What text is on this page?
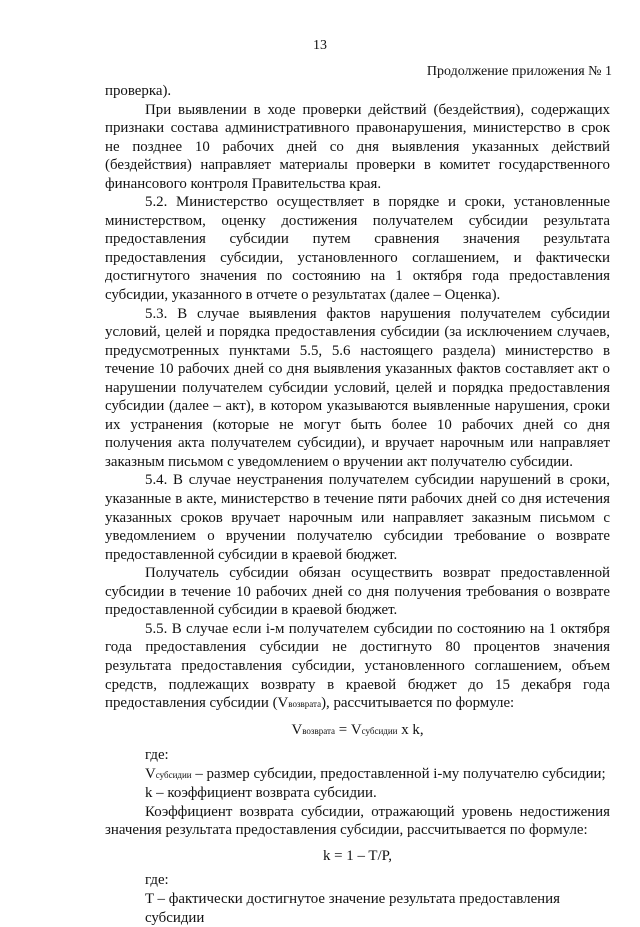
13
Продолжение приложения № 1

проверка).

При выявлении в ходе проверки действий (бездействия), содержащих признаки состава административного правонарушения, министерство в срок не позднее 10 рабочих дней со дня выявления указанных действий (бездействия) направляет материалы проверки в комитет государственного финансового контроля Правительства края.

5.2. Министерство осуществляет в порядке и сроки, установленные министерством, оценку достижения получателем субсидии результата предоставления субсидии путем сравнения значения результата предоставления субсидии, установленного соглашением, и фактически достигнутого значения по состоянию на 1 октября года предоставления субсидии, указанного в отчете о результатах (далее – Оценка).

5.3. В случае выявления фактов нарушения получателем субсидии условий, целей и порядка предоставления субсидии (за исключением случаев, предусмотренных пунктами 5.5, 5.6 настоящего раздела) министерство в течение 10 рабочих дней со дня выявления указанных фактов составляет акт о нарушении получателем субсидии условий, целей и порядка предоставления субсидии (далее – акт), в котором указываются выявленные нарушения, сроки их устранения (которые не могут быть более 10 рабочих дней со дня получения акта получателем субсидии), и вручает нарочным или направляет заказным письмом с уведомлением о вручении акт получателю субсидии.

5.4. В случае неустранения получателем субсидии нарушений в сроки, указанные в акте, министерство в течение пяти рабочих дней со дня истечения указанных сроков вручает нарочным или направляет заказным письмом с уведомлением о вручении получателю субсидии требование о возврате предоставленной субсидии в краевой бюджет.

Получатель субсидии обязан осуществить возврат предоставленной субсидии в течение 10 рабочих дней со дня получения требования о возврате предоставленной субсидии в краевой бюджет.

5.5. В случае если i-м получателем субсидии по состоянию на 1 октября года предоставления субсидии не достигнуто 80 процентов значения результата предоставления субсидии, установленного соглашением, объем средств, подлежащих возврату в краевой бюджет до 15 декабря года предоставления субсидии (Vвозврата), рассчитывается по формуле:

Vвозврата = Vсубсидии x k,

где:

Vсубсидии – размер субсидии, предоставленной i-му получателю субсидии;

k – коэффициент возврата субсидии.

Коэффициент возврата субсидии, отражающий уровень недостижения значения результата предоставления субсидии, рассчитывается по формуле:

k = 1 – T/P,

где:

T – фактически достигнутое значение результата предоставления субсидии
